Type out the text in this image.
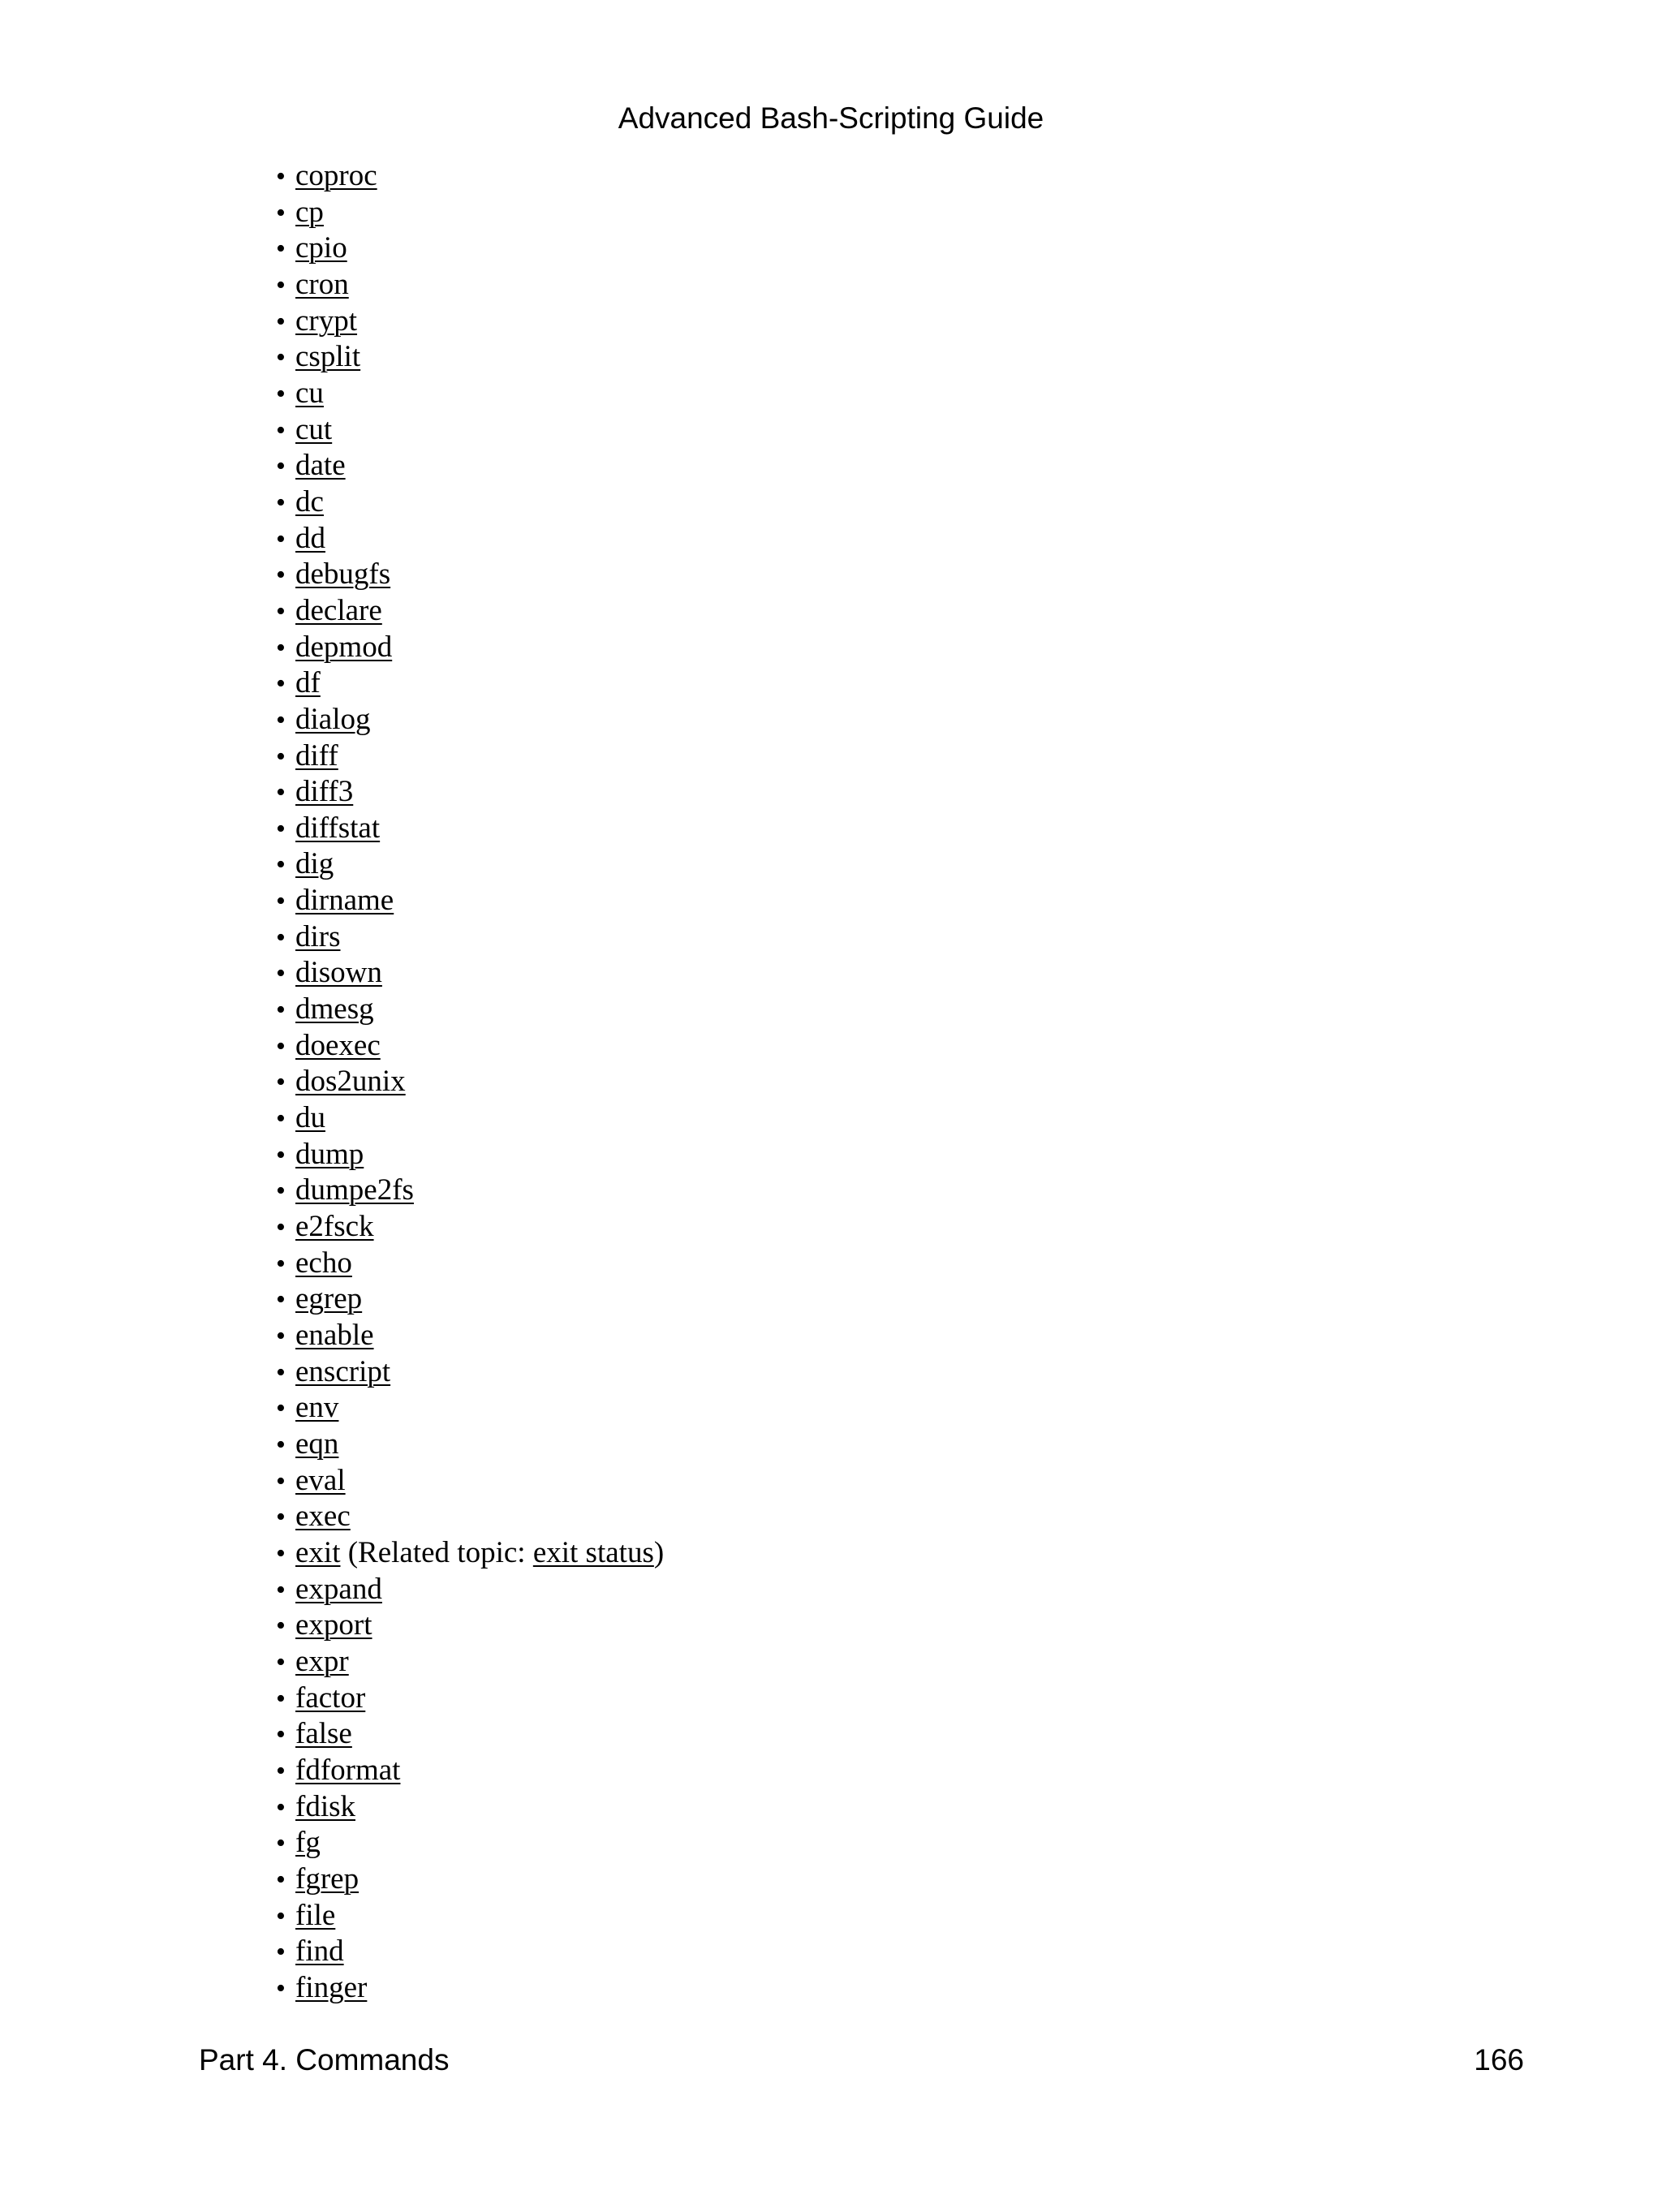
Advanced Bash-Scripting Guide
• coproc
• cp
• cpio
• cron
• crypt
• csplit
• cu
• cut
• date
• dc
• dd
• debugfs
• declare
• depmod
• df
• dialog
• diff
• diff3
• diffstat
• dig
• dirname
• dirs
• disown
• dmesg
• doexec
• dos2unix
• du
• dump
• dumpe2fs
• e2fsck
• echo
• egrep
• enable
• enscript
• env
• eqn
• eval
• exec
• exit (Related topic: exit status)
• expand
• export
• expr
• factor
• false
• fdformat
• fdisk
• fg
• fgrep
• file
• find
• finger
Part 4. Commands	166
